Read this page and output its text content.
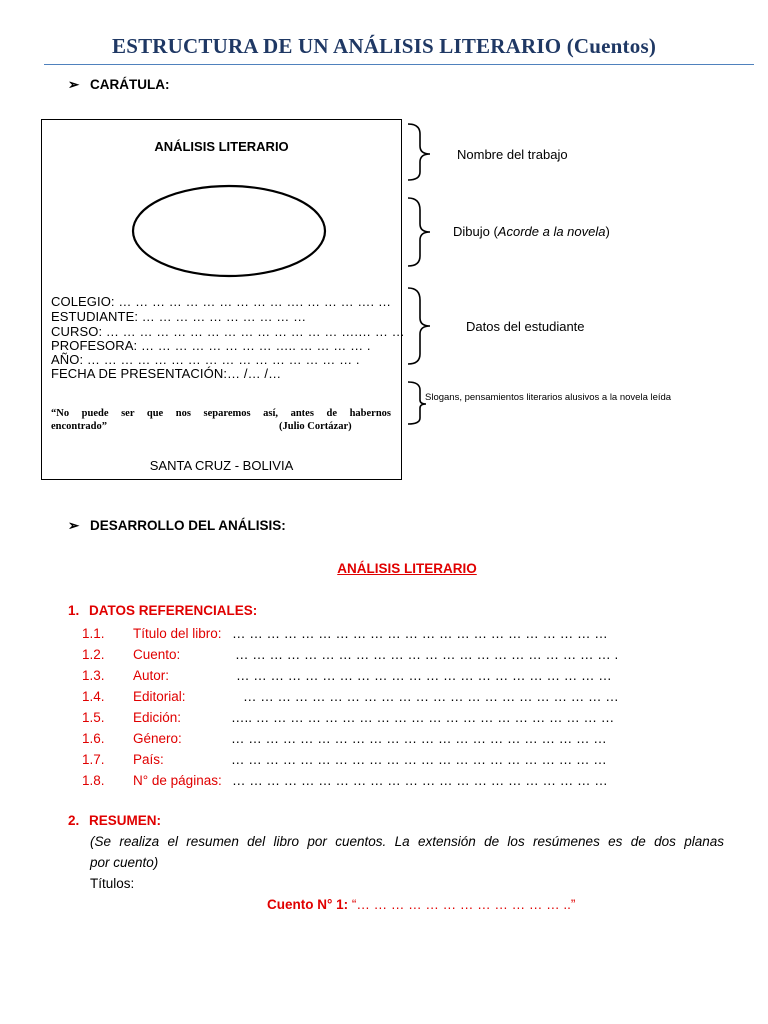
ESTRUCTURA DE UN ANÁLISIS LITERARIO (Cuentos)
➢ CARÁTULA:
ANÁLISIS LITERARIO
COLEGIO: … … … … … … … … … … …. … … … …. …
ESTUDIANTE: … … … … … … … … … …
CURSO: … … … … … … … … … … … … … … ….… … …
PROFESORA: … … … … … … … … ….. … … … … .
AÑO: … … … … … … … … … … … … … … … … .
FECHA DE PRESENTACIÓN:… /… /…
“No puede ser que nos separemos así, antes de habernos
encontrado”	(Julio Cortázar)
SANTA CRUZ - BOLIVIA
Nombre del trabajo
Dibujo (Acorde a la novela)
Datos del estudiante
Slogans, pensamientos literarios alusivos a la novela leída
➢ DESARROLLO DEL ANÁLISIS:
ANÁLISIS LITERARIO
1. DATOS REFERENCIALES:
1.1. Título del libro: … … … … … … … … … … … … … … … … … … … … … …
1.2. Cuento:	… … … … … … … … … … … … … … … … … … … … … … .
1.3. Autor:	… … … … … … … … … … … … … … … … … … … … … …
1.4. Editorial:	… … … … … … … … … … … … … … … … … … … … … …
1.5. Edición:	….. … … … … … … … … … … … … … … … … … … … … …
1.6. Género:	… … … … … … … … … … … … … … … … … … … … … …
1.7. País:	… … … … … … … … … … … … … … … … … … … … … …
1.8. N° de páginas: … … … … … … … … … … … … … … … … … … … … … …
2. RESUMEN:
(Se realiza el resumen del libro por cuentos. La extensión de los resúmenes es de dos planas
por cuento)
Títulos:
Cuento N° 1: “… … … … … … … … … … … … ..”
